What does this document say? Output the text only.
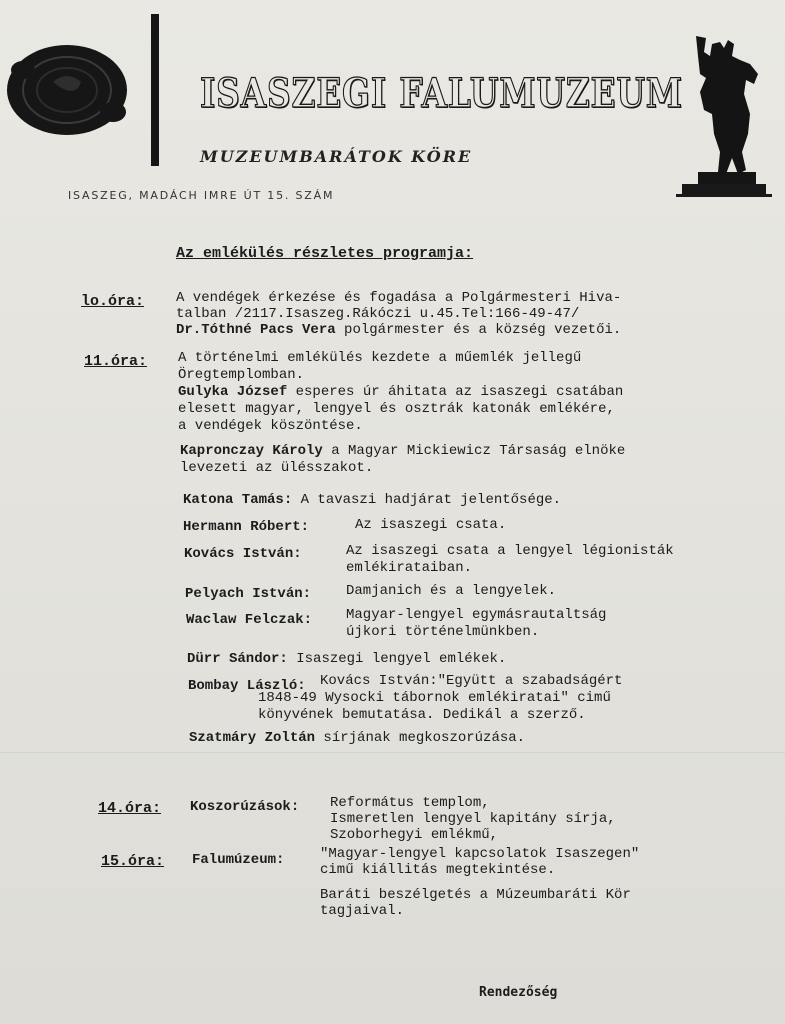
ISASZEGI FALUMUZEUM
MUZEUMBARÁTOK KÖRE
ISASZEG, MADÁCH IMRE ÚT 15. SZÁM
Az emlékülés részletes programja:
lo.óra: A vendégek érkezése és fogadása a Polgármesteri Hiva-
talban /2117.Isaszeg.Rákóczi u.45.Tel:166-49-47/
Dr.Tóthné Pacs Vera polgármester és a község vezetői.
11.óra: A történelmi emlékülés kezdete a műemlék jellegű
Öregtemplomban.
Gulyka József esperes úr áhitata az isaszegi csatában
elesett magyar, lengyel és osztrák katonák emlékére,
a vendégek köszöntése.
Kapronczay Károly a Magyar Mickiewicz Társaság elnöke
levezeti az ülésszakot.
Katona Tamás: A tavaszi hadjárat jelentősége.
Hermann Róbert:	Az isaszegi csata.
Kovács István:	Az isaszegi csata a lengyel légionisták
emlékirataiban.
Pelyach István: Damjanich és a lengyelek.
Waclaw Felczak: Magyar-lengyel egymásrautaltság
újkori történelmünkben.
Dürr Sándor: Isaszegi lengyel emlékek.
Bombay László: Kovács István:"Együtt a szabadságért
1848-49 Wysocki tábornok emlékiratai" cimű
könyvének bemutatása. Dedikál a szerző.
Szatmáry Zoltán sírjának megkoszorúzása.
14.óra: Koszorúzások: Református templom,
Ismeretlen lengyel kapitány sírja,
Szoborhegyi emlékmű,
15.óra: Falumúzeum:	"Magyar-lengyel kapcsolatok Isaszegen"
cimű kiállitás megtekintése.
Baráti beszélgetés a Múzeumbaráti Kör
tagjaival.
Rendezőség
